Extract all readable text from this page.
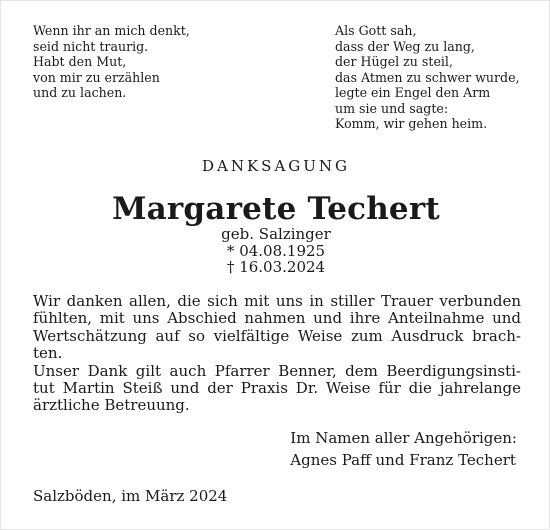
Wenn ihr an mich denkt,
seid nicht traurig.
Habt den Mut,
von mir zu erzählen
und zu lachen.
Als Gott sah,
dass der Weg zu lang,
der Hügel zu steil,
das Atmen zu schwer wurde,
legte ein Engel den Arm
um sie und sagte:
Komm, wir gehen heim.
DANKSAGUNG
Margarete Techert
geb. Salzinger
* 04.08.1925
† 16.03.2024
Wir danken allen, die sich mit uns in stiller Trauer verbunden
fühlten, mit uns Abschied nahmen und ihre Anteilnahme und
Wertschätzung auf so vielfältige Weise zum Ausdruck brach-
ten.
Unser Dank gilt auch Pfarrer Benner, dem Beerdigungsinsti-
tut Martin Steiß und der Praxis Dr. Weise für die jahrelange
ärztliche Betreuung.
Im Namen aller Angehörigen:
Agnes Paff und Franz Techert
Salzböden, im März 2024
